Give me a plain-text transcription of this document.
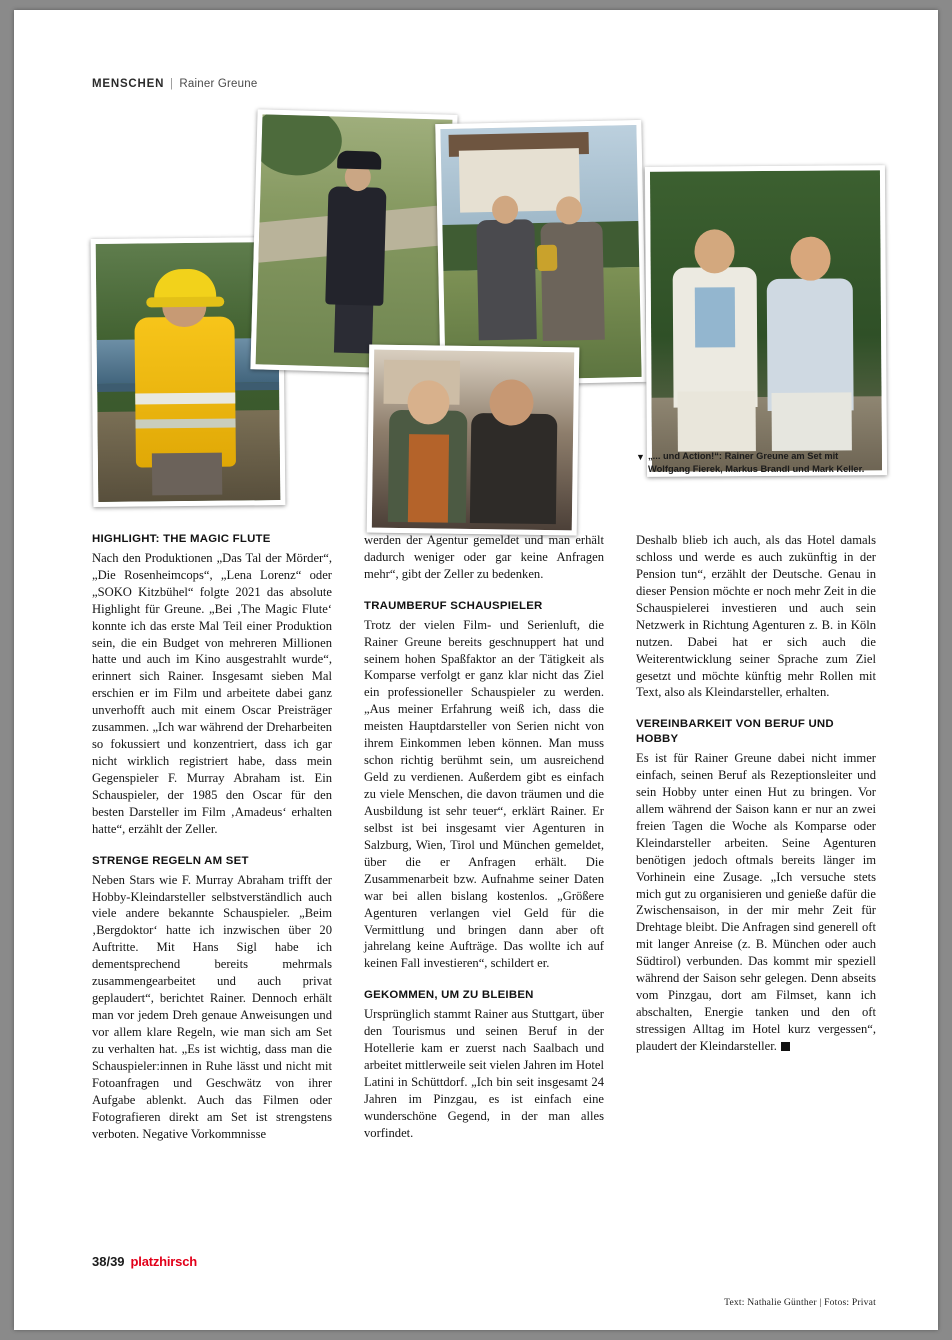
MENSCHEN | Rainer Greune
▼ „... und Action!“: Rainer Greune am Set mit Wolfgang Fierek, Markus Brandl und Mark Keller.
HIGHLIGHT: THE MAGIC FLUTE

Nach den Produktionen „Das Tal der Mörder“, „Die Rosenheimcops“, „Lena Lorenz“ oder „SOKO Kitzbühel“ folgte 2021 das absolute Highlight für Greune. „Bei ‚The Magic Flute‘ konnte ich das erste Mal Teil einer Produktion sein, die ein Budget von mehreren Millionen hatte und auch im Kino ausgestrahlt wurde“, erinnert sich Rainer. Insgesamt sieben Mal erschien er im Film und arbeitete dabei ganz unverhofft auch mit einem Oscar Preisträger zusammen. „Ich war während der Dreharbeiten so fokussiert und konzentriert, dass ich gar nicht wirklich registriert habe, dass mein Gegenspieler F. Murray Abraham ist. Ein Schauspieler, der 1985 den Oscar für den besten Darsteller im Film ‚Amadeus‘ erhalten hatte“, erzählt der Zeller.

STRENGE REGELN AM SET

Neben Stars wie F. Murray Abraham trifft der Hobby-Kleindarsteller selbstverständlich auch viele andere bekannte Schauspieler. „Beim ‚Bergdoktor‘ hatte ich inzwischen über 20 Auftritte. Mit Hans Sigl habe ich dementsprechend bereits mehrmals zusammengearbeitet und auch privat geplaudert“, berichtet Rainer. Dennoch erhält man vor jedem Dreh genaue Anweisungen und vor allem klare Regeln, wie man sich am Set zu verhalten hat. „Es ist wichtig, dass man die Schauspieler:innen in Ruhe lässt und nicht mit Fotoanfragen und Geschwätz von ihrer Aufgabe ablenkt. Auch das Filmen oder Fotografieren direkt am Set ist strengstens verboten. Negative Vorkommnisse

werden der Agentur gemeldet und man erhält dadurch weniger oder gar keine Anfragen mehr“, gibt der Zeller zu bedenken.

TRAUMBERUF SCHAUSPIELER

Trotz der vielen Film- und Serienluft, die Rainer Greune bereits geschnuppert hat und seinem hohen Spaßfaktor an der Tätigkeit als Komparse verfolgt er ganz klar nicht das Ziel ein professioneller Schauspieler zu werden. „Aus meiner Erfahrung weiß ich, dass die meisten Hauptdarsteller von Serien nicht von ihrem Einkommen leben können. Man muss schon richtig berühmt sein, um ausreichend Geld zu verdienen. Außerdem gibt es einfach zu viele Menschen, die davon träumen und die Ausbildung ist sehr teuer“, erklärt Rainer. Er selbst ist bei insgesamt vier Agenturen in Salzburg, Wien, Tirol und München gemeldet, über die er Anfragen erhält. Die Zusammenarbeit bzw. Aufnahme seiner Daten war bei allen bislang kostenlos. „Größere Agenturen verlangen viel Geld für die Vermittlung und bringen dann aber oft jahrelang keine Aufträge. Das wollte ich auf keinen Fall investieren“, schildert er.

GEKOMMEN, UM ZU BLEIBEN

Ursprünglich stammt Rainer aus Stuttgart, über den Tourismus und seinen Beruf in der Hotellerie kam er zuerst nach Saalbach und arbeitet mittlerweile seit vielen Jahren im Hotel Latini in Schüttdorf. „Ich bin seit insgesamt 24 Jahren im Pinzgau, es ist einfach eine wunderschöne Gegend, in der man alles vorfindet.

Deshalb blieb ich auch, als das Hotel damals schloss und werde es auch zukünftig in der Pension tun“, erzählt der Deutsche. Genau in dieser Pension möchte er noch mehr Zeit in die Schauspielerei investieren und auch sein Netzwerk in Richtung Agenturen z. B. in Köln nutzen. Dabei hat er sich auch die Weiterentwicklung seiner Sprache zum Ziel gesetzt und möchte künftig mehr Rollen mit Text, also als Kleindarsteller, erhalten.

VEREINBARKEIT VON BERUF UND HOBBY

Es ist für Rainer Greune dabei nicht immer einfach, seinen Beruf als Rezeptionsleiter und sein Hobby unter einen Hut zu bringen. Vor allem während der Saison kann er nur an zwei freien Tagen die Woche als Komparse oder Kleindarsteller arbeiten. Seine Agenturen benötigen jedoch oftmals bereits länger im Vorhinein eine Zusage. „Ich versuche stets mich gut zu organisieren und genieße dafür die Zwischensaison, in der mir mehr Zeit für Drehtage bleibt. Die Anfragen sind generell oft mit langer Anreise (z. B. München oder auch Südtirol) verbunden. Das kommt mir speziell während der Saison sehr gelegen. Denn abseits vom Pinzgau, dort am Filmset, kann ich abschalten, Energie tanken und den oft stressigen Alltag im Hotel kurz vergessen“, plaudert der Kleindarsteller.

Text: Nathalie Günther | Fotos: Privat
38/39 platzhirsch
